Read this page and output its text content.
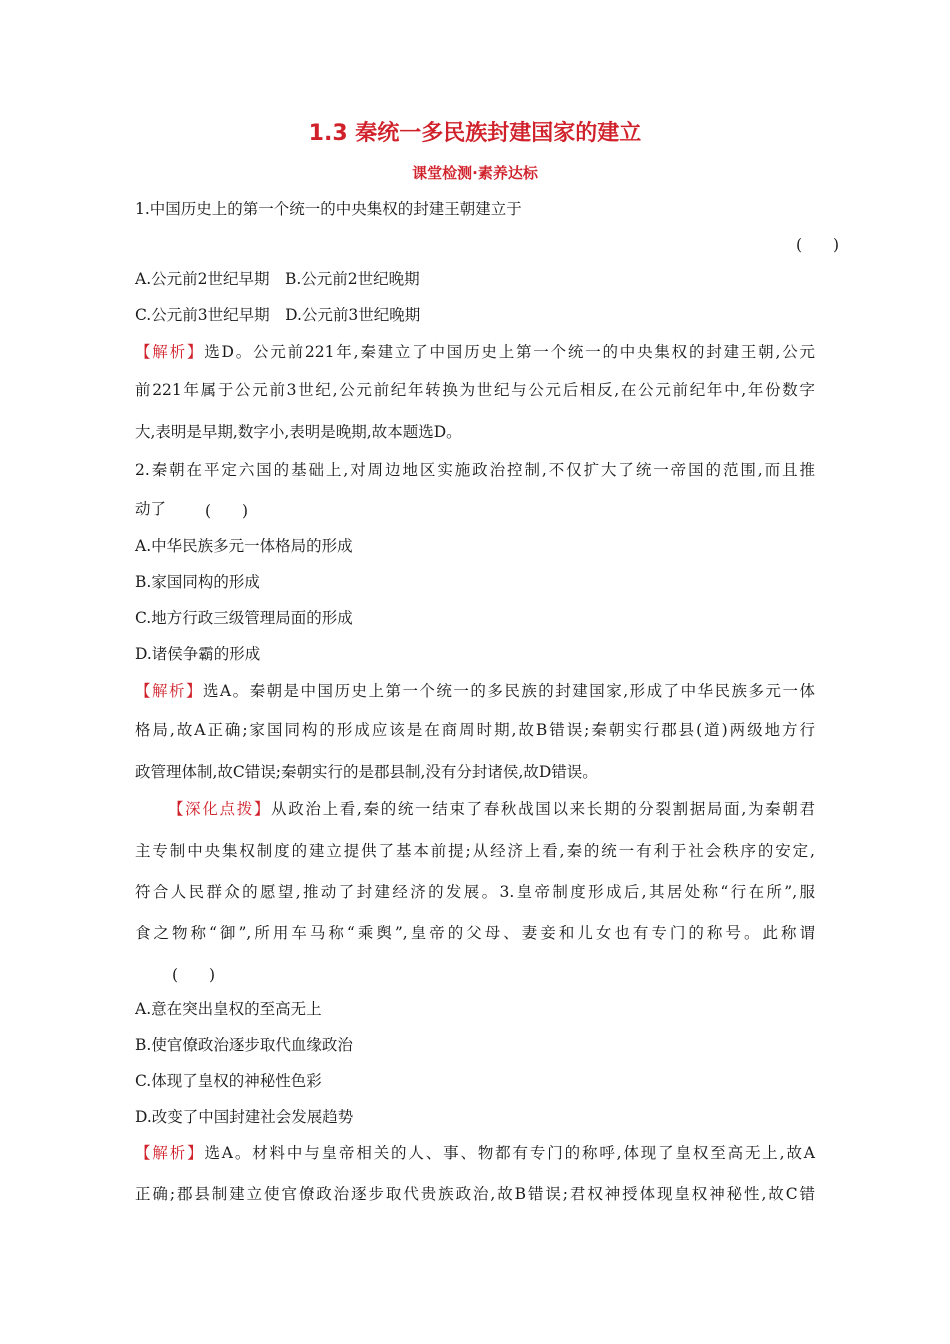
1.3 秦统一多民族封建国家的建立
课堂检测·素养达标
1.中国历史上的第一个统一的中央集权的封建王朝建立于
(　　)
A.公元前2世纪早期　B.公元前2世纪晚期
C.公元前3世纪早期　D.公元前3世纪晚期
【解析】选D。公元前221年,秦建立了中国历史上第一个统一的中央集权的封建王朝,公元
前221年属于公元前3世纪,公元前纪年转换为世纪与公元后相反,在公元前纪年中,年份数字
大,表明是早期,数字小,表明是晚期,故本题选D。
2.秦朝在平定六国的基础上,对周边地区实施政治控制,不仅扩大了统一帝国的范围,而且推
动了	(　　)
A.中华民族多元一体格局的形成
B.家国同构的形成
C.地方行政三级管理局面的形成
D.诸侯争霸的形成
【解析】选A。秦朝是中国历史上第一个统一的多民族的封建国家,形成了中华民族多元一体
格局,故A正确;家国同构的形成应该是在商周时期,故B错误;秦朝实行郡县(道)两级地方行
政管理体制,故C错误;秦朝实行的是郡县制,没有分封诸侯,故D错误。
【深化点拨】从政治上看,秦的统一结束了春秋战国以来长期的分裂割据局面,为秦朝君
主专制中央集权制度的建立提供了基本前提;从经济上看,秦的统一有利于社会秩序的安定,
符合人民群众的愿望,推动了封建经济的发展。3.皇帝制度形成后,其居处称“行在所”,服
食之物称“御”,所用车马称“乘舆”,皇帝的父母、妻妾和儿女也有专门的称号。此称谓
(　　)
A.意在突出皇权的至高无上
B.使官僚政治逐步取代血缘政治
C.体现了皇权的神秘性色彩
D.改变了中国封建社会发展趋势
【解析】选A。材料中与皇帝相关的人、事、物都有专门的称呼,体现了皇权至高无上,故A
正确;郡县制建立使官僚政治逐步取代贵族政治,故B错误;君权神授体现皇权神秘性,故C错
